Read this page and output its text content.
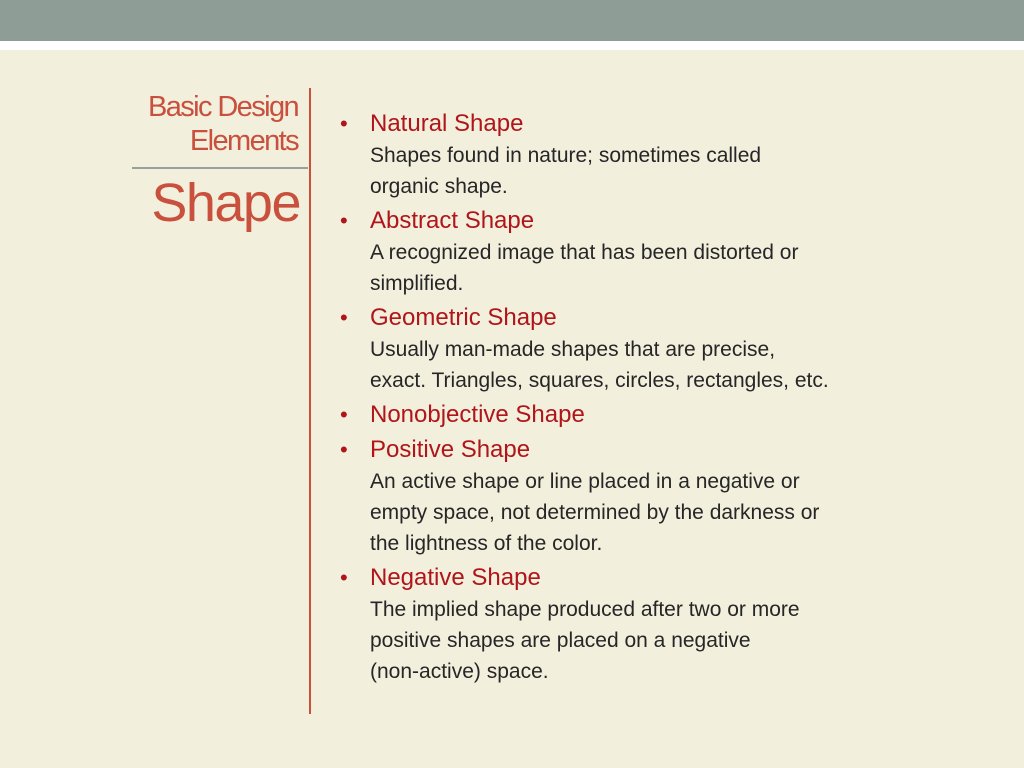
Basic Design
Elements
Shape
• Natural Shape
Shapes found in nature; sometimes called
organic shape.
• Abstract Shape
A recognized image that has been distorted or
simplified.
• Geometric Shape
Usually man-made shapes that are precise,
exact. Triangles, squares, circles, rectangles, etc.
• Nonobjective Shape
• Positive Shape
An active shape or line placed in a negative or
empty space, not determined by the darkness or
the lightness of the color.
• Negative Shape
The implied shape produced after two or more
positive shapes are placed on a negative
(non-active) space.
